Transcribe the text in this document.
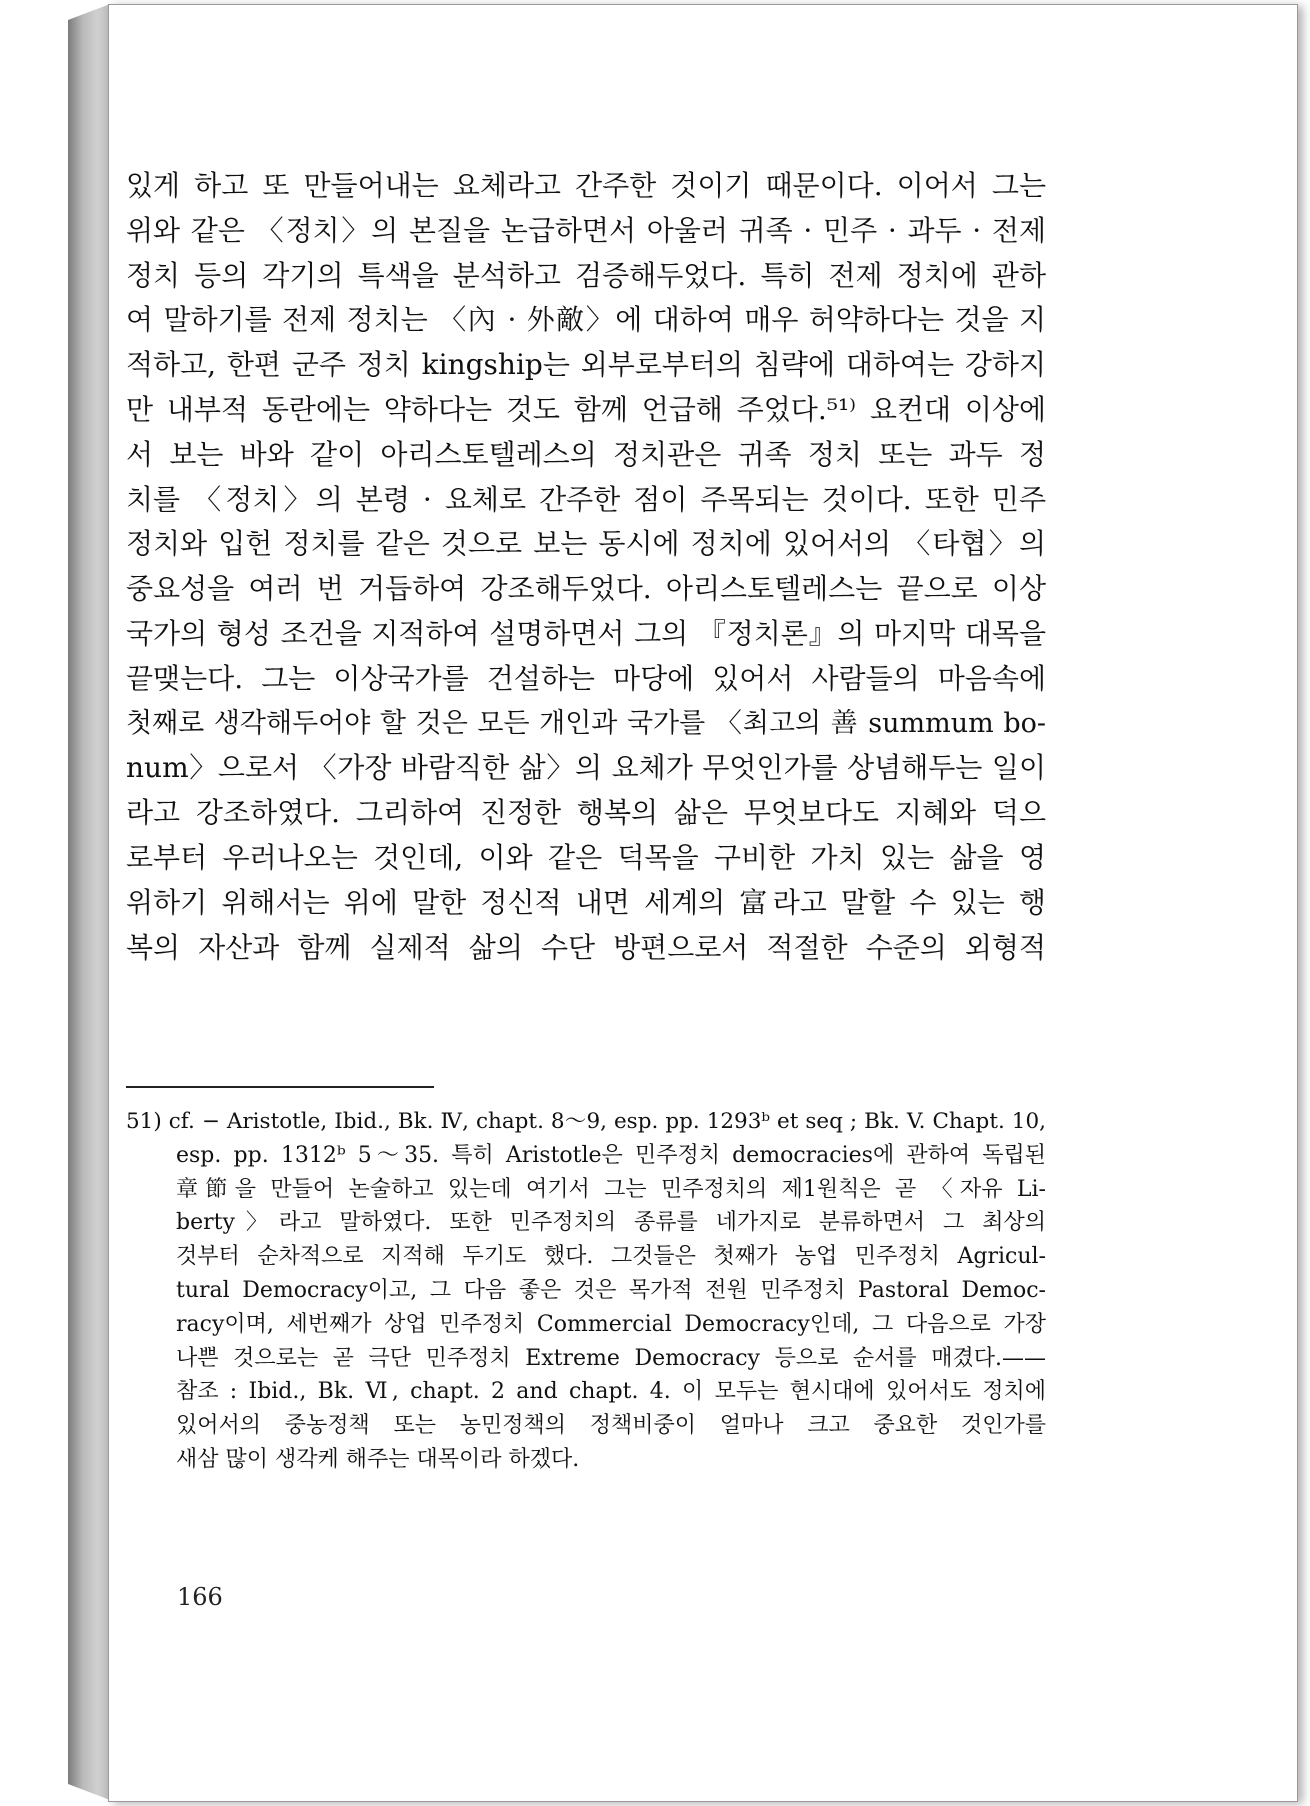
있게 하고 또 만들어내는 요체라고 간주한 것이기 때문이다. 이어서 그는
위와 같은 〈정치〉의 본질을 논급하면서 아울러 귀족 · 민주 · 과두 · 전제
정치 등의 각기의 특색을 분석하고 검증해두었다. 특히 전제 정치에 관하
여 말하기를 전제 정치는 〈內 · 外敵〉에 대하여 매우 허약하다는 것을 지
적하고, 한편 군주 정치 kingship는 외부로부터의 침략에 대하여는 강하지
만 내부적 동란에는 약하다는 것도 함께 언급해 주었다.⁵¹⁾ 요컨대 이상에
서 보는 바와 같이 아리스토텔레스의 정치관은 귀족 정치 또는 과두 정
치를 〈정치〉의 본령 · 요체로 간주한 점이 주목되는 것이다. 또한 민주
정치와 입헌 정치를 같은 것으로 보는 동시에 정치에 있어서의 〈타협〉의
중요성을 여러 번 거듭하여 강조해두었다. 아리스토텔레스는 끝으로 이상
국가의 형성 조건을 지적하여 설명하면서 그의 『정치론』의 마지막 대목을
끝맺는다. 그는 이상국가를 건설하는 마당에 있어서 사람들의 마음속에
첫째로 생각해두어야 할 것은 모든 개인과 국가를 〈최고의 善 summum bo-
num〉으로서 〈가장 바람직한 삶〉의 요체가 무엇인가를 상념해두는 일이
라고 강조하였다. 그리하여 진정한 행복의 삶은 무엇보다도 지혜와 덕으
로부터 우러나오는 것인데, 이와 같은 덕목을 구비한 가치 있는 삶을 영
위하기 위해서는 위에 말한 정신적 내면 세계의 富라고 말할 수 있는 행
복의 자산과 함께 실제적 삶의 수단 방편으로서 적절한 수준의 외형적
51) cf. − Aristotle, Ibid., Bk. Ⅳ, chapt. 8〜9, esp. pp. 1293ᵇ et seq ; Bk. V. Chapt. 10,
esp. pp. 1312ᵇ 5〜35. 특히 Aristotle은 민주정치 democracies에 관하여 독립된
章節을 만들어 논술하고 있는데 여기서 그는 민주정치의 제1원칙은 곧 〈자유 Li-
berty〉라고 말하였다. 또한 민주정치의 종류를 네가지로 분류하면서 그 최상의
것부터 순차적으로 지적해 두기도 했다. 그것들은 첫째가 농업 민주정치 Agricul-
tural Democracy이고, 그 다음 좋은 것은 목가적 전원 민주정치 Pastoral Democ-
racy이며, 세번째가 상업 민주정치 Commercial Democracy인데, 그 다음으로 가장
나쁜 것으로는 곧 극단 민주정치 Extreme Democracy 등으로 순서를 매겼다.——
참조 : Ibid., Bk. Ⅵ, chapt. 2 and chapt. 4. 이 모두는 현시대에 있어서도 정치에
있어서의 중농정책 또는 농민정책의 정책비중이 얼마나 크고 중요한 것인가를
새삼 많이 생각케 해주는 대목이라 하겠다.
166
